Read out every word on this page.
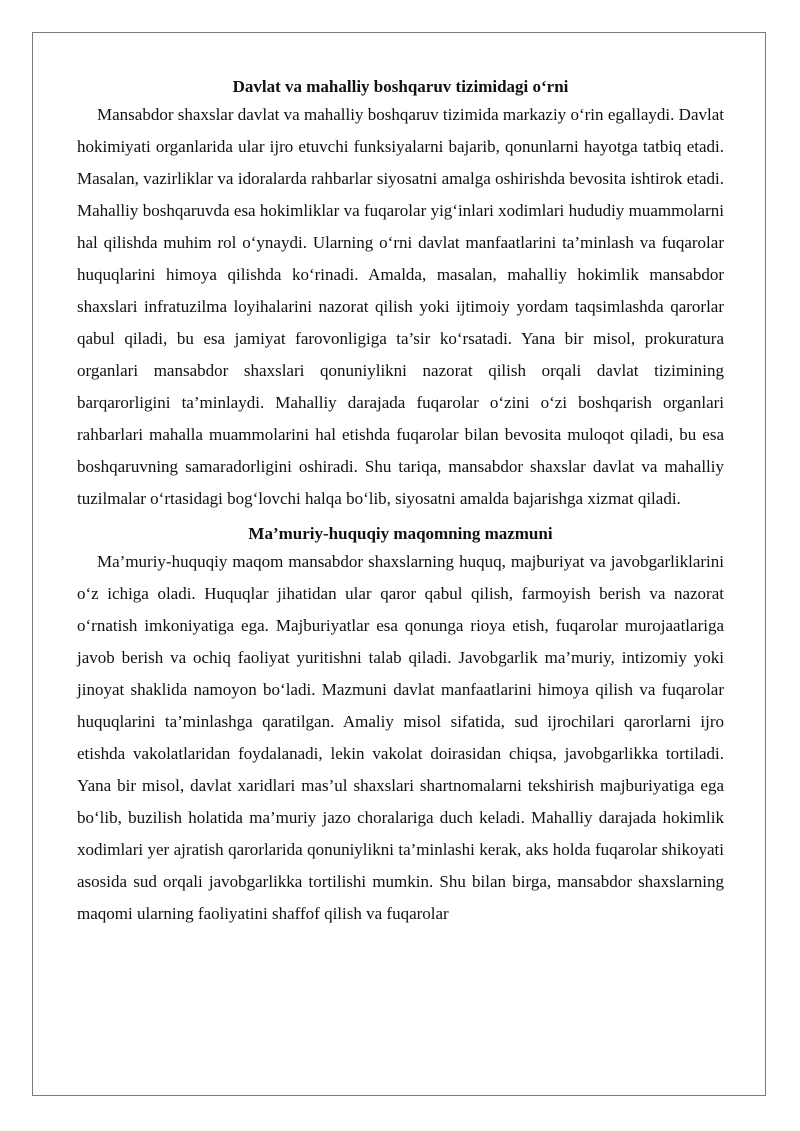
Davlat va mahalliy boshqaruv tizimidagi o‘rni

Mansabdor shaxslar davlat va mahalliy boshqaruv tizimida markaziy o‘rin egallaydi. Davlat hokimiyati organlarida ular ijro etuvchi funksiyalarni bajarib, qonunlarni hayotga tatbiq etadi. Masalan, vazirliklar va idoralarda rahbarlar siyosatni amalga oshirishda bevosita ishtirok etadi. Mahalliy boshqaruvda esa hokimliklar va fuqarolar yig‘inlari xodimlari hududiy muammolarni hal qilishda muhim rol o‘ynaydi. Ularning o‘rni davlat manfaatlarini ta’minlash va fuqarolar huquqlarini himoya qilishda ko‘rinadi. Amalda, masalan, mahalliy hokimlik mansabdor shaxslari infratuzilma loyihalarini nazorat qilish yoki ijtimoiy yordam taqsimlashda qarorlar qabul qiladi, bu esa jamiyat farovonligiga ta’sir ko‘rsatadi. Yana bir misol, prokuratura organlari mansabdor shaxslari qonuniylikni nazorat qilish orqali davlat tizimining barqarorligini ta’minlaydi. Mahalliy darajada fuqarolar o‘zini o‘zi boshqarish organlari rahbarlari mahalla muammolarini hal etishda fuqarolar bilan bevosita muloqot qiladi, bu esa boshqaruvning samaradorligini oshiradi. Shu tariqa, mansabdor shaxslar davlat va mahalliy tuzilmalar o‘rtasidagi bog‘lovchi halqa bo‘lib, siyosatni amalda bajarishga xizmat qiladi.

Ma’muriy-huquqiy maqomning mazmuni

Ma’muriy-huquqiy maqom mansabdor shaxslarning huquq, majburiyat va javobgarliklarini o‘z ichiga oladi. Huquqlar jihatidan ular qaror qabul qilish, farmoyish berish va nazorat o‘rnatish imkoniyatiga ega. Majburiyatlar esa qonunga rioya etish, fuqarolar murojaatlariga javob berish va ochiq faoliyat yuritishni talab qiladi. Javobgarlik ma’muriy, intizomiy yoki jinoyat shaklida namoyon bo‘ladi. Mazmuni davlat manfaatlarini himoya qilish va fuqarolar huquqlarini ta’minlashga qaratilgan. Amaliy misol sifatida, sud ijrochilari qarorlarni ijro etishda vakolatlaridan foydalanadi, lekin vakolat doirasidan chiqsa, javobgarlikka tortiladi. Yana bir misol, davlat xaridlari mas’ul shaxslari shartnomalarni tekshirish majburiyatiga ega bo‘lib, buzilish holatida ma’muriy jazo choralariga duch keladi. Mahalliy darajada hokimlik xodimlari yer ajratish qarorlarida qonuniylikni ta’minlashi kerak, aks holda fuqarolar shikoyati asosida sud orqali javobgarlikka tortilishi mumkin. Shu bilan birga, mansabdor shaxslarning maqomi ularning faoliyatini shaffof qilish va fuqarolar
